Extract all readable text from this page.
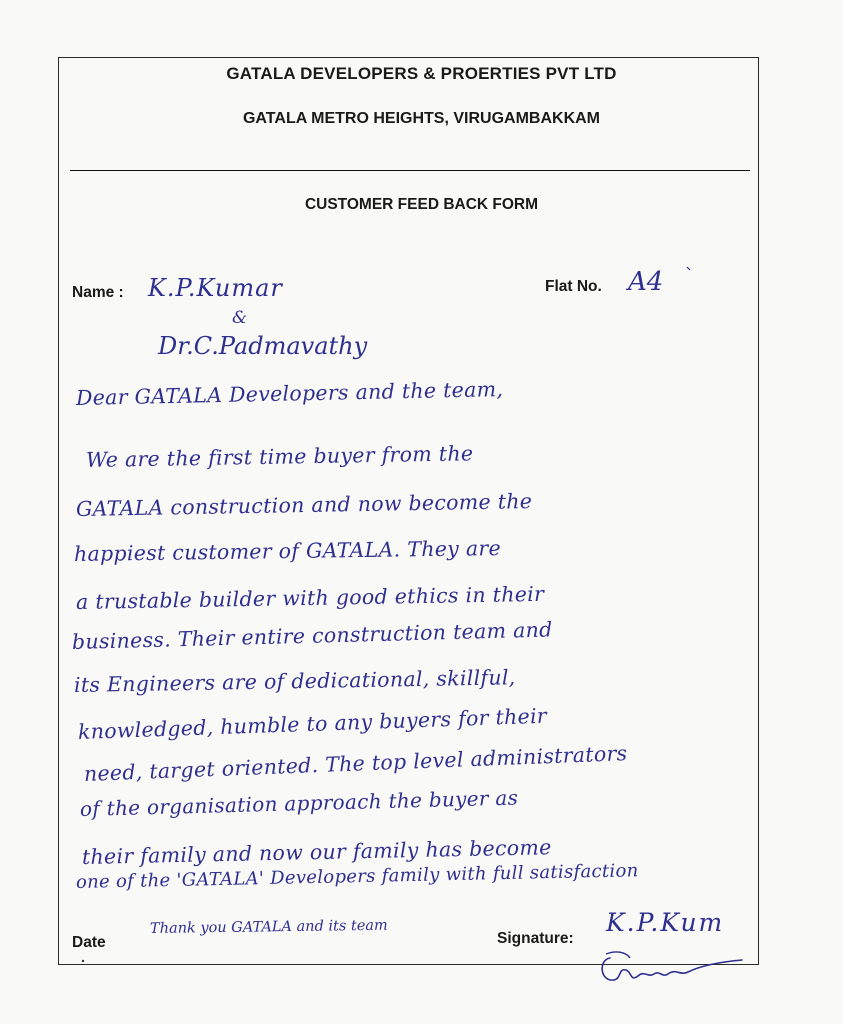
GATALA DEVELOPERS & PROERTIES PVT LTD
GATALA METRO HEIGHTS, VIRUGAMBAKKAM
CUSTOMER FEED BACK FORM
Name : K.P.Kumar
&
Dr.C.Padmavathy
Flat No. A4
Dear GATALA Developers and the team,
We are the first time buyer from the
GATALA construction and now become the
happiest customer of GATALA. They are
a trustable builder with good ethics in their
business. Their entire construction team and
its Engineers are of dedicational, skillful,
knowledged, humble to any buyers for their
need, target oriented. The top level administrators
of the organisation approach the buyer as
their family and now our family has become
one of the 'GATALA' Developers family with full satisfaction
Date
Thank you GATALA and its team
Signature:
K.P.Kum
